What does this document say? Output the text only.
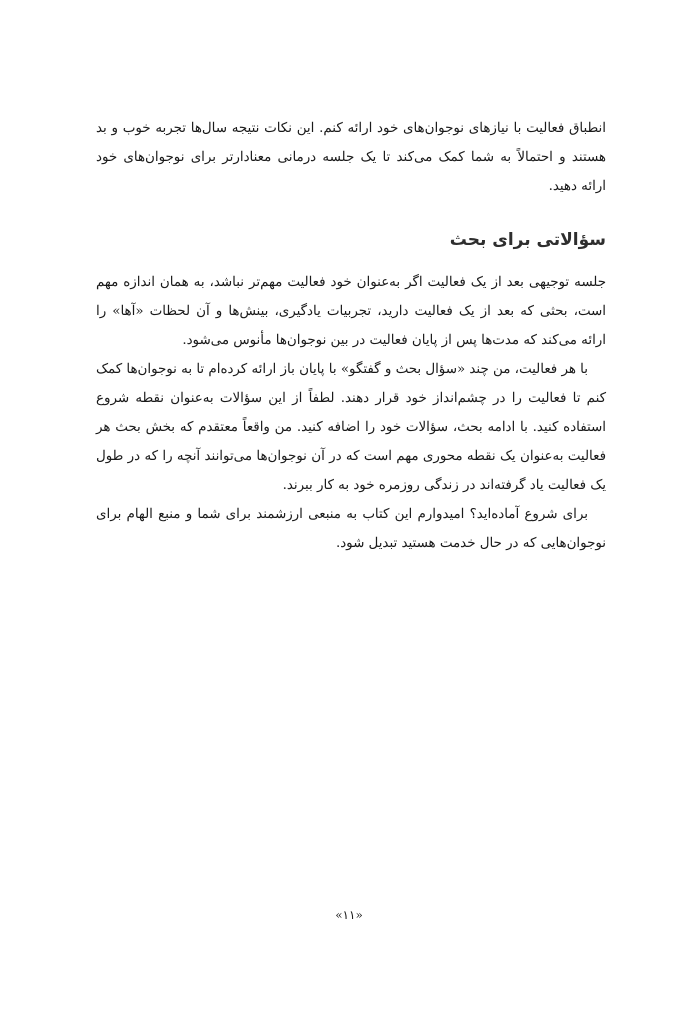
انطباق فعالیت با نیازهای نوجوان‌های خود ارائه کنم. این نکات نتیجه سال‌ها تجربه خوب و بد هستند و احتمالاً به شما کمک می‌کند تا یک جلسه درمانی معنادارتر برای نوجوان‌های خود ارائه دهید.

سؤالاتی برای بحث

جلسه توجیهی بعد از یک فعالیت اگر به‌عنوان خود فعالیت مهم‌تر نباشد، به همان اندازه مهم است، بحثی که بعد از یک فعالیت دارید، تجربیات یادگیری، بینش‌ها و آن لحظات «آها» را ارائه می‌کند که مدت‌ها پس از پایان فعالیت در بین نوجوان‌ها مأنوس می‌شود.

با هر فعالیت، من چند «سؤال بحث و گفتگو» با پایان باز ارائه کرده‌ام تا به نوجوان‌ها کمک کنم تا فعالیت را در چشم‌انداز خود قرار دهند. لطفاً از این سؤالات به‌عنوان نقطه شروع استفاده کنید. با ادامه بحث، سؤالات خود را اضافه کنید. من واقعاً معتقدم که بخش بحث هر فعالیت به‌عنوان یک نقطه محوری مهم است که در آن نوجوان‌ها می‌توانند آنچه را که در طول یک فعالیت یاد گرفته‌اند در زندگی روزمره خود به کار ببرند.

برای شروع آماده‌اید؟ امیدوارم این کتاب به منبعی ارزشمند برای شما و منبع الهام برای نوجوان‌هایی که در حال خدمت هستید تبدیل شود.

«۱۱»
